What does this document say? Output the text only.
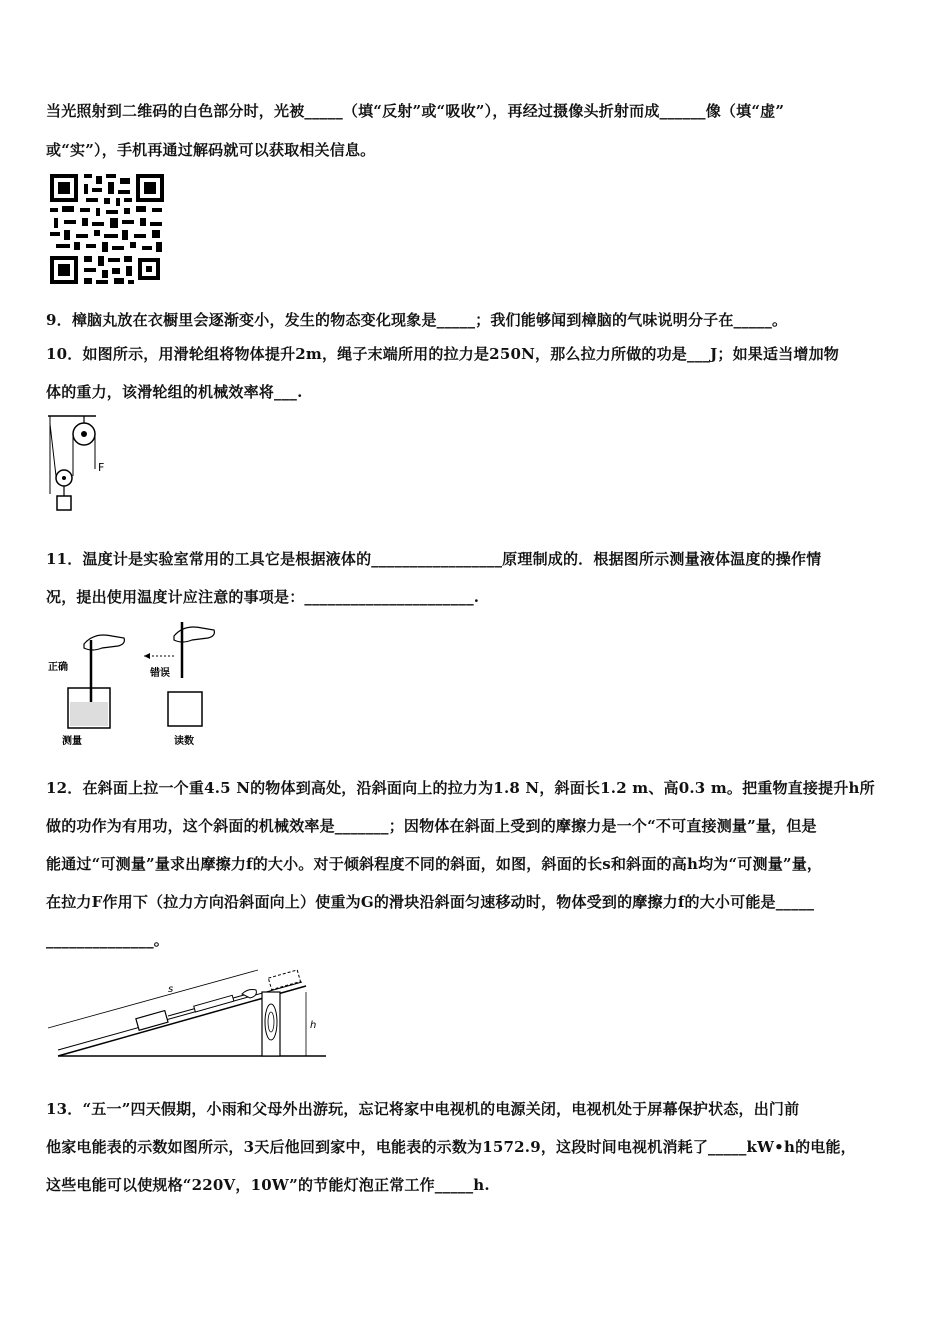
当光照射到二维码的白色部分时，光被_____（填“反射”或“吸收”），再经过摄像头折射而成______像（填“虚”
或“实”），手机再通过解码就可以获取相关信息。
9．樟脑丸放在衣橱里会逐渐变小，发生的物态变化现象是_____；我们能够闻到樟脑的气味说明分子在_____。
10．如图所示，用滑轮组将物体提升2m，绳子末端所用的拉力是250N，那么拉力所做的功是___J；如果适当增加物
体的重力，该滑轮组的机械效率将___.
F
11．温度计是实验室常用的工具它是根据液体的_________________原理制成的．根据图所示测量液体温度的操作情
况，提出使用温度计应注意的事项是：______________________.
正确
测量
错误
读数
12．在斜面上拉一个重4.5 N的物体到高处，沿斜面向上的拉力为1.8 N，斜面长1.2 m、高0.3 m。把重物直接提升h所
做的功作为有用功，这个斜面的机械效率是_______；因物体在斜面上受到的摩擦力是一个“不可直接测量”量，但是
能通过“可测量”量求出摩擦力f的大小。对于倾斜程度不同的斜面，如图，斜面的长s和斜面的高h均为“可测量”量，
在拉力F作用下（拉力方向沿斜面向上）使重为G的滑块沿斜面匀速移动时，物体受到的摩擦力f的大小可能是_____
______________。
h
s
13．“五一”四天假期，小雨和父母外出游玩，忘记将家中电视机的电源关闭，电视机处于屏幕保护状态，出门前
他家电能表的示数如图所示，3天后他回到家中，电能表的示数为1572.9，这段时间电视机消耗了_____kW•h的电能，
这些电能可以使规格“220V，10W”的节能灯泡正常工作_____h.
